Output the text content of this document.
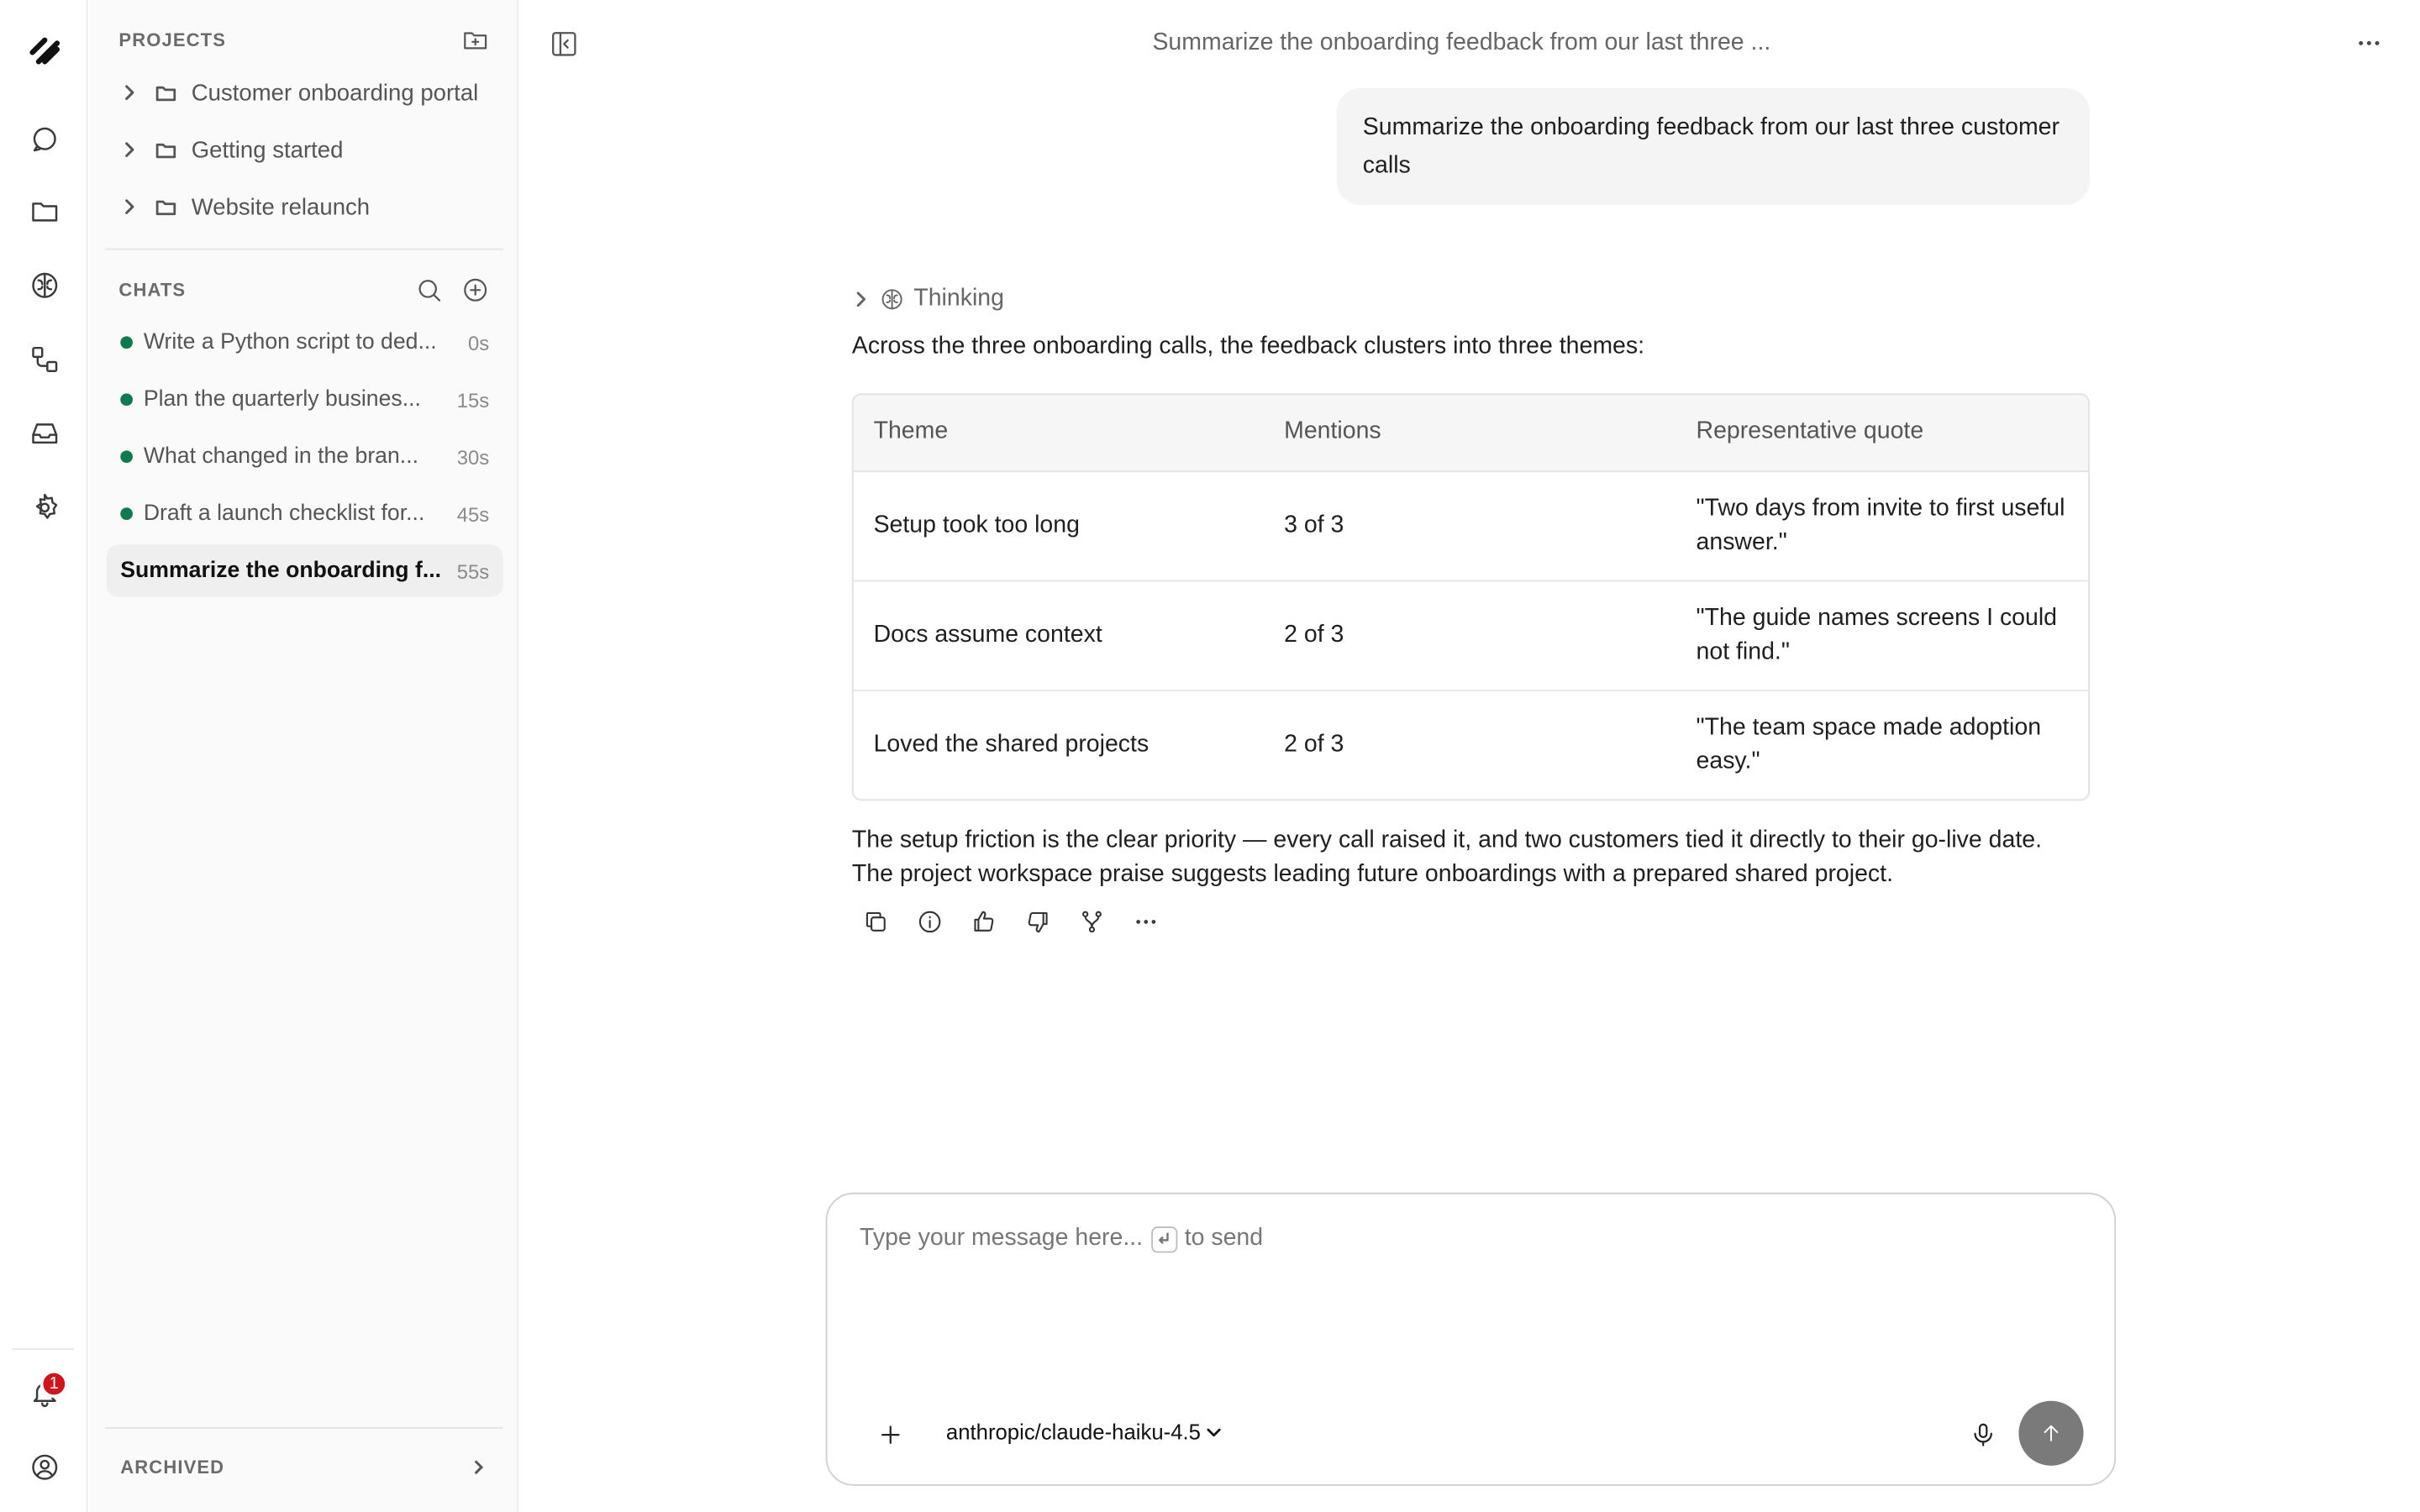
1
PROJECTS
Customer onboarding portal
Getting started
Website relaunch
CHATS
Write a Python script to ded...	0s
Plan the quarterly busines...	15s
What changed in the bran...	30s
Draft a launch checklist for...	45s
Summarize the onboarding f...	55s
ARCHIVED
Summarize the onboarding feedback from our last three ...
Summarize the onboarding feedback from our last three customer calls
Thinking
Across the three onboarding calls, the feedback clusters into three themes:
Theme	Mentions	Representative quote
Setup took too long	3 of 3	"Two days from invite to first useful answer."
Docs assume context	2 of 3	"The guide names screens I could not find."
Loved the shared projects	2 of 3	"The team space made adoption easy."
The setup friction is the clear priority — every call raised it, and two customers tied it directly to their go-live date. The project workspace praise suggests leading future onboardings with a prepared shared project.
Type your message here...	to send
anthropic/claude-haiku-4.5
